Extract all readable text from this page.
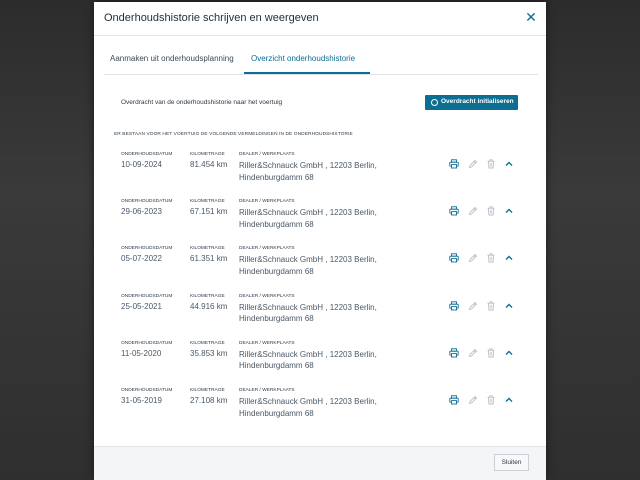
Onderhoudshistorie schrijven en weergeven	✕
Aanmaken uit onderhoudsplanning Overzicht onderhoudshistorie
Overdracht van de onderhoudshistorie naar het voertuig	Overdracht initialiseren
ER BESTAAN VOOR HET VOERTUIG DE VOLGENDE VERMELDINGEN IN DE ONDERHOUDSHISTORIE
ONDERHOUDSDATUM
10-09-2024
KILOMETRAGE
81.454 km
DEALER / WERKPLAATS
Riller&Schnauck GmbH , 12203 Berlin, Hindenburgdamm 68
ONDERHOUDSDATUM
29-06-2023
KILOMETRAGE
67.151 km
DEALER / WERKPLAATS
Riller&Schnauck GmbH , 12203 Berlin, Hindenburgdamm 68
ONDERHOUDSDATUM
05-07-2022
KILOMETRAGE
61.351 km
DEALER / WERKPLAATS
Riller&Schnauck GmbH , 12203 Berlin, Hindenburgdamm 68
ONDERHOUDSDATUM
25-05-2021
KILOMETRAGE
44.916 km
DEALER / WERKPLAATS
Riller&Schnauck GmbH , 12203 Berlin, Hindenburgdamm 68
ONDERHOUDSDATUM
11-05-2020
KILOMETRAGE
35.853 km
DEALER / WERKPLAATS
Riller&Schnauck GmbH , 12203 Berlin, Hindenburgdamm 68
ONDERHOUDSDATUM
31-05-2019
KILOMETRAGE
27.108 km
DEALER / WERKPLAATS
Riller&Schnauck GmbH , 12203 Berlin, Hindenburgdamm 68
Sluiten
